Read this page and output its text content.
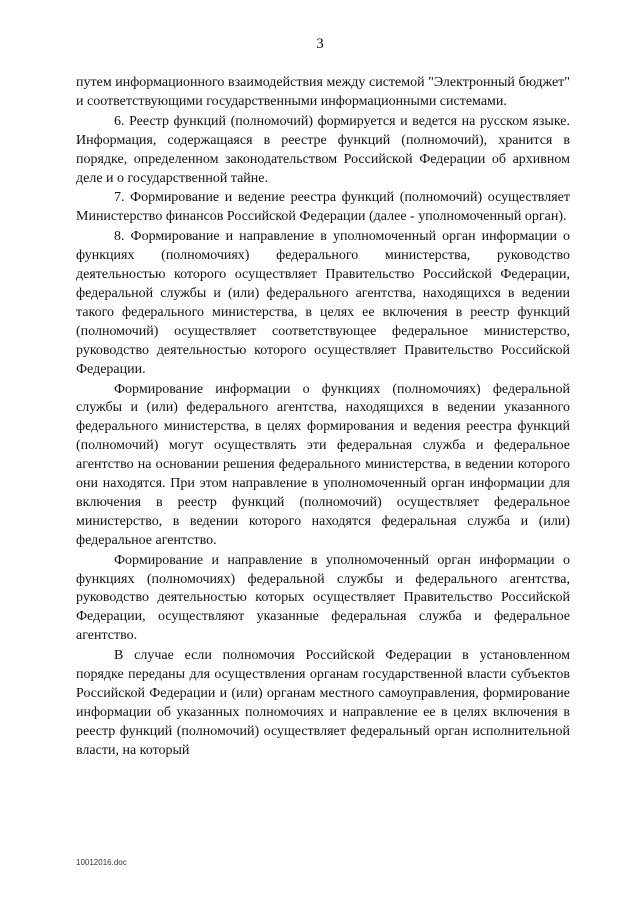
3

путем информационного взаимодействия между системой "Электронный бюджет" и соответствующими государственными информационными системами.

6. Реестр функций (полномочий) формируется и ведется на русском языке. Информация, содержащаяся в реестре функций (полномочий), хранится в порядке, определенном законодательством Российской Федерации об архивном деле и о государственной тайне.

7. Формирование и ведение реестра функций (полномочий) осуществляет Министерство финансов Российской Федерации (далее - уполномоченный орган).

8. Формирование и направление в уполномоченный орган информации о функциях (полномочиях) федерального министерства, руководство деятельностью которого осуществляет Правительство Российской Федерации, федеральной службы и (или) федерального агентства, находящихся в ведении такого федерального министерства, в целях ее включения в реестр функций (полномочий) осуществляет соответствующее федеральное министерство, руководство деятельностью которого осуществляет Правительство Российской Федерации.

Формирование информации о функциях (полномочиях) федеральной службы и (или) федерального агентства, находящихся в ведении указанного федерального министерства, в целях формирования и ведения реестра функций (полномочий) могут осуществлять эти федеральная служба и федеральное агентство на основании решения федерального министерства, в ведении которого они находятся. При этом направление в уполномоченный орган информации для включения в реестр функций (полномочий) осуществляет федеральное министерство, в ведении которого находятся федеральная служба и (или) федеральное агентство.

Формирование и направление в уполномоченный орган информации о функциях (полномочиях) федеральной службы и федерального агентства, руководство деятельностью которых осуществляет Правительство Российской Федерации, осуществляют указанные федеральная служба и федеральное агентство.

В случае если полномочия Российской Федерации в установленном порядке переданы для осуществления органам государственной власти субъектов Российской Федерации и (или) органам местного самоуправления, формирование информации об указанных полномочиях и направление ее в целях включения в реестр функций (полномочий) осуществляет федеральный орган исполнительной власти, на который

10012016.doc
